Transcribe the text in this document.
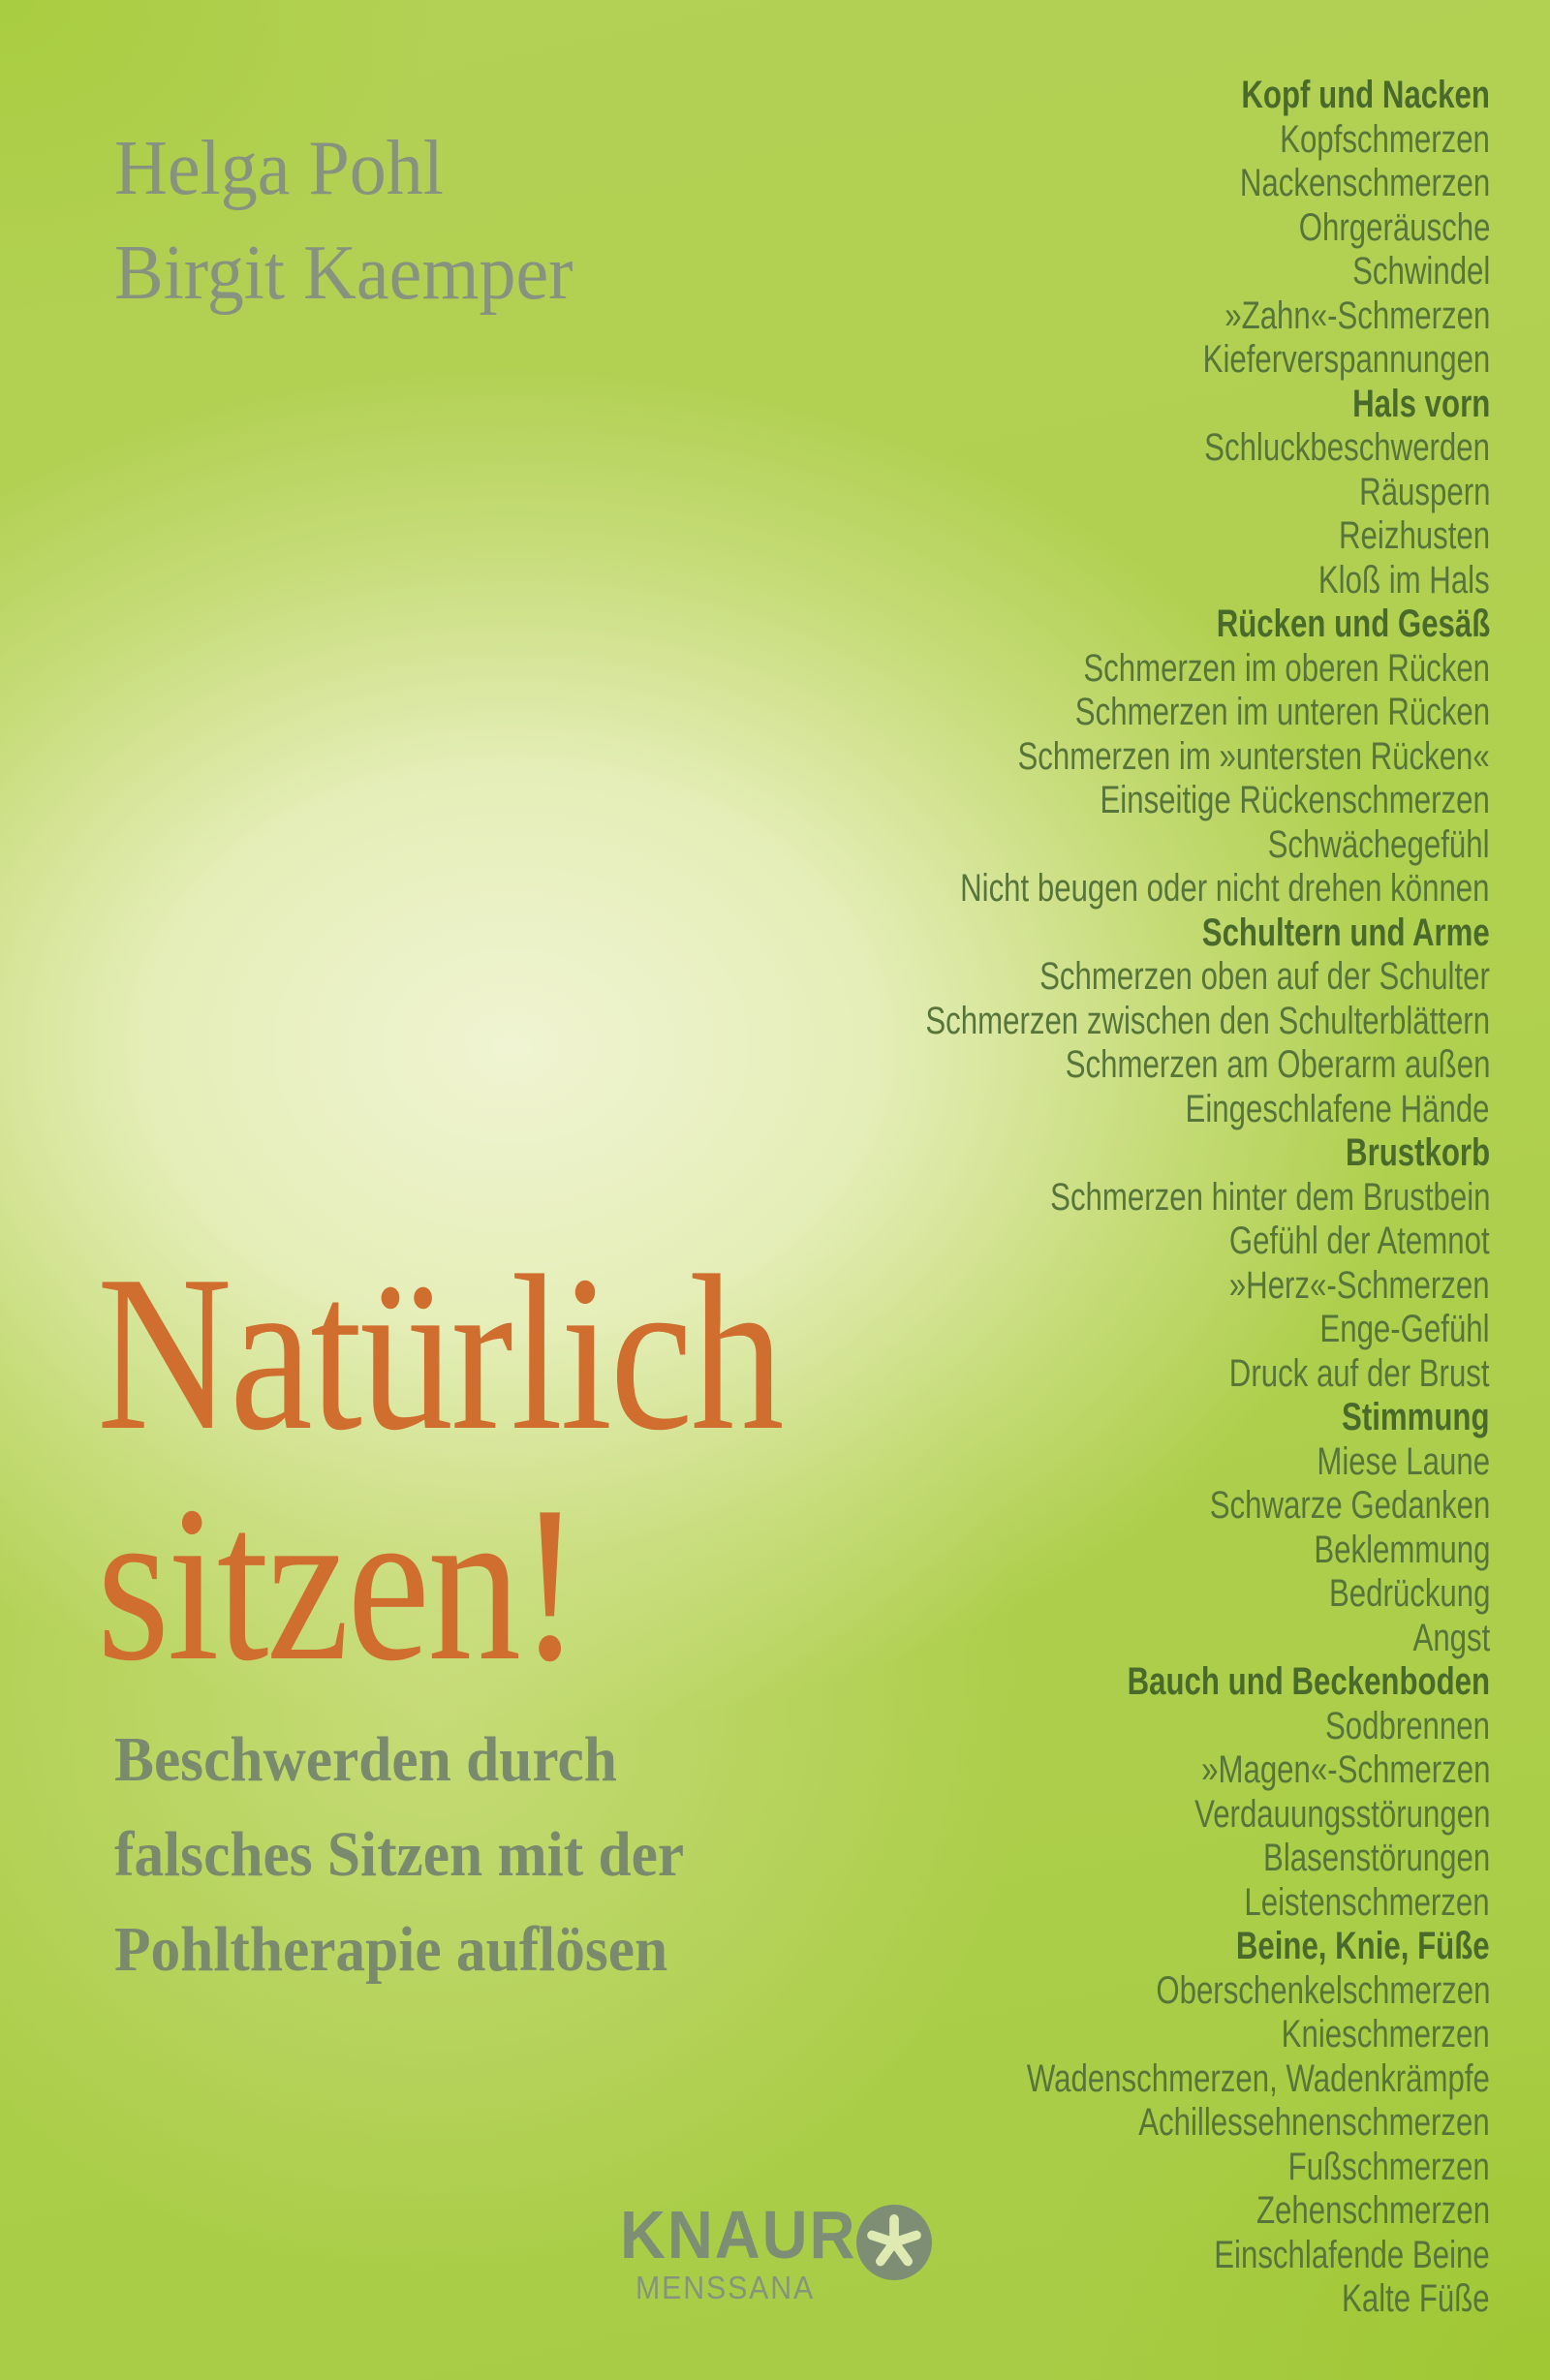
Helga Pohl
Birgit Kaemper
Kopf und Nacken
Kopfschmerzen
Nackenschmerzen
Ohrgeräusche
Schwindel
»Zahn«-Schmerzen
Kieferverspannungen
Hals vorn
Schluckbeschwerden
Räuspern
Reizhusten
Kloß im Hals
Rücken und Gesäß
Schmerzen im oberen Rücken
Schmerzen im unteren Rücken
Schmerzen im »untersten Rücken«
Einseitige Rückenschmerzen
Schwächegefühl
Nicht beugen oder nicht drehen können
Schultern und Arme
Schmerzen oben auf der Schulter
Schmerzen zwischen den Schulterblättern
Schmerzen am Oberarm außen
Eingeschlafene Hände
Brustkorb
Schmerzen hinter dem Brustbein
Gefühl der Atemnot
»Herz«-Schmerzen
Enge-Gefühl
Druck auf der Brust
Stimmung
Miese Laune
Schwarze Gedanken
Beklemmung
Bedrückung
Angst
Bauch und Beckenboden
Sodbrennen
»Magen«-Schmerzen
Verdauungsstörungen
Blasenstörungen
Leistenschmerzen
Beine, Knie, Füße
Oberschenkelschmerzen
Knieschmerzen
Wadenschmerzen, Wadenkrämpfe
Achillessehnenschmerzen
Fußschmerzen
Zehenschmerzen
Einschlafende Beine
Kalte Füße
Natürlich
sitzen!
Beschwerden durch
falsches Sitzen mit der
Pohltherapie auflösen
KNAUR
MENSSANA
